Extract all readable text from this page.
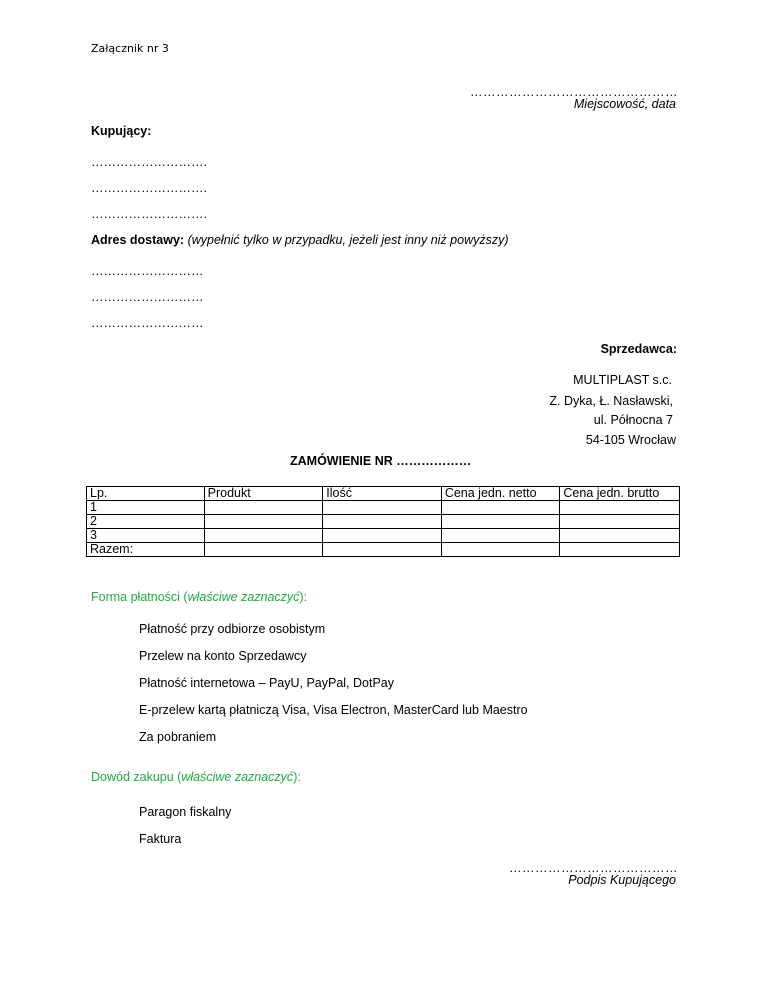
Załącznik nr 3
…………………………………………
Miejscowość, data
Kupujący:
……………………….
……………………….
……………………….
Adres dostawy: (wypełnić tylko w przypadku, jeżeli jest inny niż powyższy)
………………………
………………………
………………………
Sprzedawca:
MULTIPLAST s.c.
Z. Dyka, Ł. Nasławski,
ul. Północna 7
54-105 Wrocław
ZAMÓWIENIE NR ………………
Lp.	Produkt	Ilość	Cena jedn. netto	Cena jedn. brutto
1				
2				
3				
Razem:				
Forma płatności (właściwe zaznaczyć):
Płatność przy odbiorze osobistym
Przelew na konto Sprzedawcy
Płatność internetowa – PayU, PayPal, DotPay
E-przelew kartą płatniczą Visa, Visa Electron, MasterCard lub Maestro
Za pobraniem
Dowód zakupu (właściwe zaznaczyć):
Paragon fiskalny
Faktura
…………………………………
Podpis Kupującego
